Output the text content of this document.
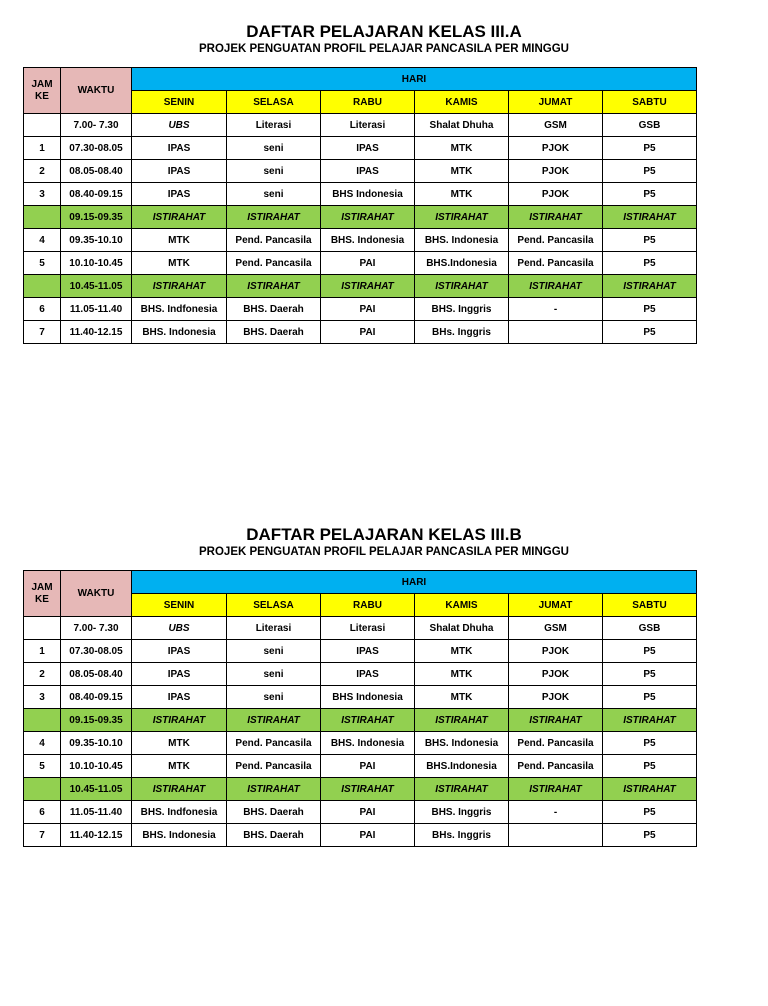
DAFTAR PELAJARAN KELAS III.A
PROJEK PENGUATAN PROFIL PELAJAR PANCASILA PER MINGGU
JAM KE	WAKTU	HARI					
		SENIN	SELASA	RABU	KAMIS	JUMAT	SABTU
	7.00- 7.30	UBS	Literasi	Literasi	Shalat Dhuha	GSM	GSB
1	07.30-08.05	IPAS	seni	IPAS	MTK	PJOK	P5
2	08.05-08.40	IPAS	seni	IPAS	MTK	PJOK	P5
3	08.40-09.15	IPAS	seni	BHS Indonesia	MTK	PJOK	P5
	09.15-09.35	ISTIRAHAT	ISTIRAHAT	ISTIRAHAT	ISTIRAHAT	ISTIRAHAT	ISTIRAHAT
4	09.35-10.10	MTK	Pend. Pancasila	BHS. Indonesia	BHS. Indonesia	Pend. Pancasila	P5
5	10.10-10.45	MTK	Pend. Pancasila	PAI	BHS.Indonesia	Pend. Pancasila	P5
	10.45-11.05	ISTIRAHAT	ISTIRAHAT	ISTIRAHAT	ISTIRAHAT	ISTIRAHAT	ISTIRAHAT
6	11.05-11.40	BHS. Indfonesia	BHS. Daerah	PAI	BHS. Inggris	-	P5
7	11.40-12.15	BHS. Indonesia	BHS. Daerah	PAI	BHs. Inggris		P5
DAFTAR PELAJARAN KELAS III.B
PROJEK PENGUATAN PROFIL PELAJAR PANCASILA PER MINGGU
JAM KE	WAKTU	HARI					
		SENIN	SELASA	RABU	KAMIS	JUMAT	SABTU
	7.00- 7.30	UBS	Literasi	Literasi	Shalat Dhuha	GSM	GSB
1	07.30-08.05	IPAS	seni	IPAS	MTK	PJOK	P5
2	08.05-08.40	IPAS	seni	IPAS	MTK	PJOK	P5
3	08.40-09.15	IPAS	seni	BHS Indonesia	MTK	PJOK	P5
	09.15-09.35	ISTIRAHAT	ISTIRAHAT	ISTIRAHAT	ISTIRAHAT	ISTIRAHAT	ISTIRAHAT
4	09.35-10.10	MTK	Pend. Pancasila	BHS. Indonesia	BHS. Indonesia	Pend. Pancasila	P5
5	10.10-10.45	MTK	Pend. Pancasila	PAI	BHS.Indonesia	Pend. Pancasila	P5
	10.45-11.05	ISTIRAHAT	ISTIRAHAT	ISTIRAHAT	ISTIRAHAT	ISTIRAHAT	ISTIRAHAT
6	11.05-11.40	BHS. Indfonesia	BHS. Daerah	PAI	BHS. Inggris	-	P5
7	11.40-12.15	BHS. Indonesia	BHS. Daerah	PAI	BHs. Inggris		P5
